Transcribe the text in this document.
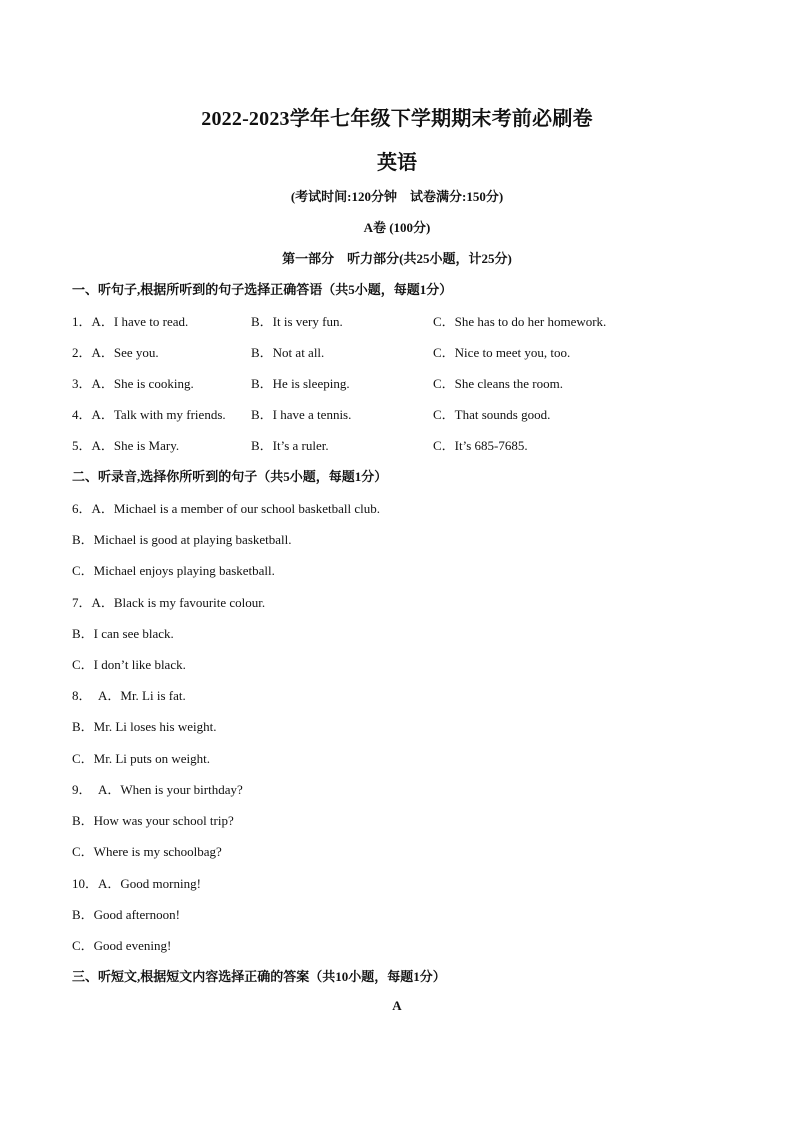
2022-2023学年七年级下学期期末考前必刷卷
英语
(考试时间:120分钟　试卷满分:150分)
A卷 (100分)
第一部分　听力部分(共25小题，计25分)
一、听句子,根据所听到的句子选择正确答语（共5小题，每题1分）
1．A．I have to read.	B．It is very fun.	C．She has to do her homework.
2．A．See you.	B．Not at all.	C．Nice to meet you, too.
3．A．She is cooking.	B．He is sleeping.	C．She cleans the room.
4．A．Talk with my friends. B．I have a tennis.	C．That sounds good.
5．A．She is Mary.	B．It’s a ruler.	C．It’s 685-7685.
二、听录音,选择你所听到的句子（共5小题，每题1分）
6．A．Michael is a member of our school basketball club.
B．Michael is good at playing basketball.
C．Michael enjoys playing basketball.
7．A．Black is my favourite colour.
B．I can see black.
C．I don’t like black.
8．　A．Mr. Li is fat.
B．Mr. Li loses his weight.
C．Mr. Li puts on weight.
9．　A．When is your birthday?
B．How was your school trip?
C．Where is my schoolbag?
10．A．Good morning!
B．Good afternoon!
C．Good evening!
三、听短文,根据短文内容选择正确的答案（共10小题，每题1分）
A
